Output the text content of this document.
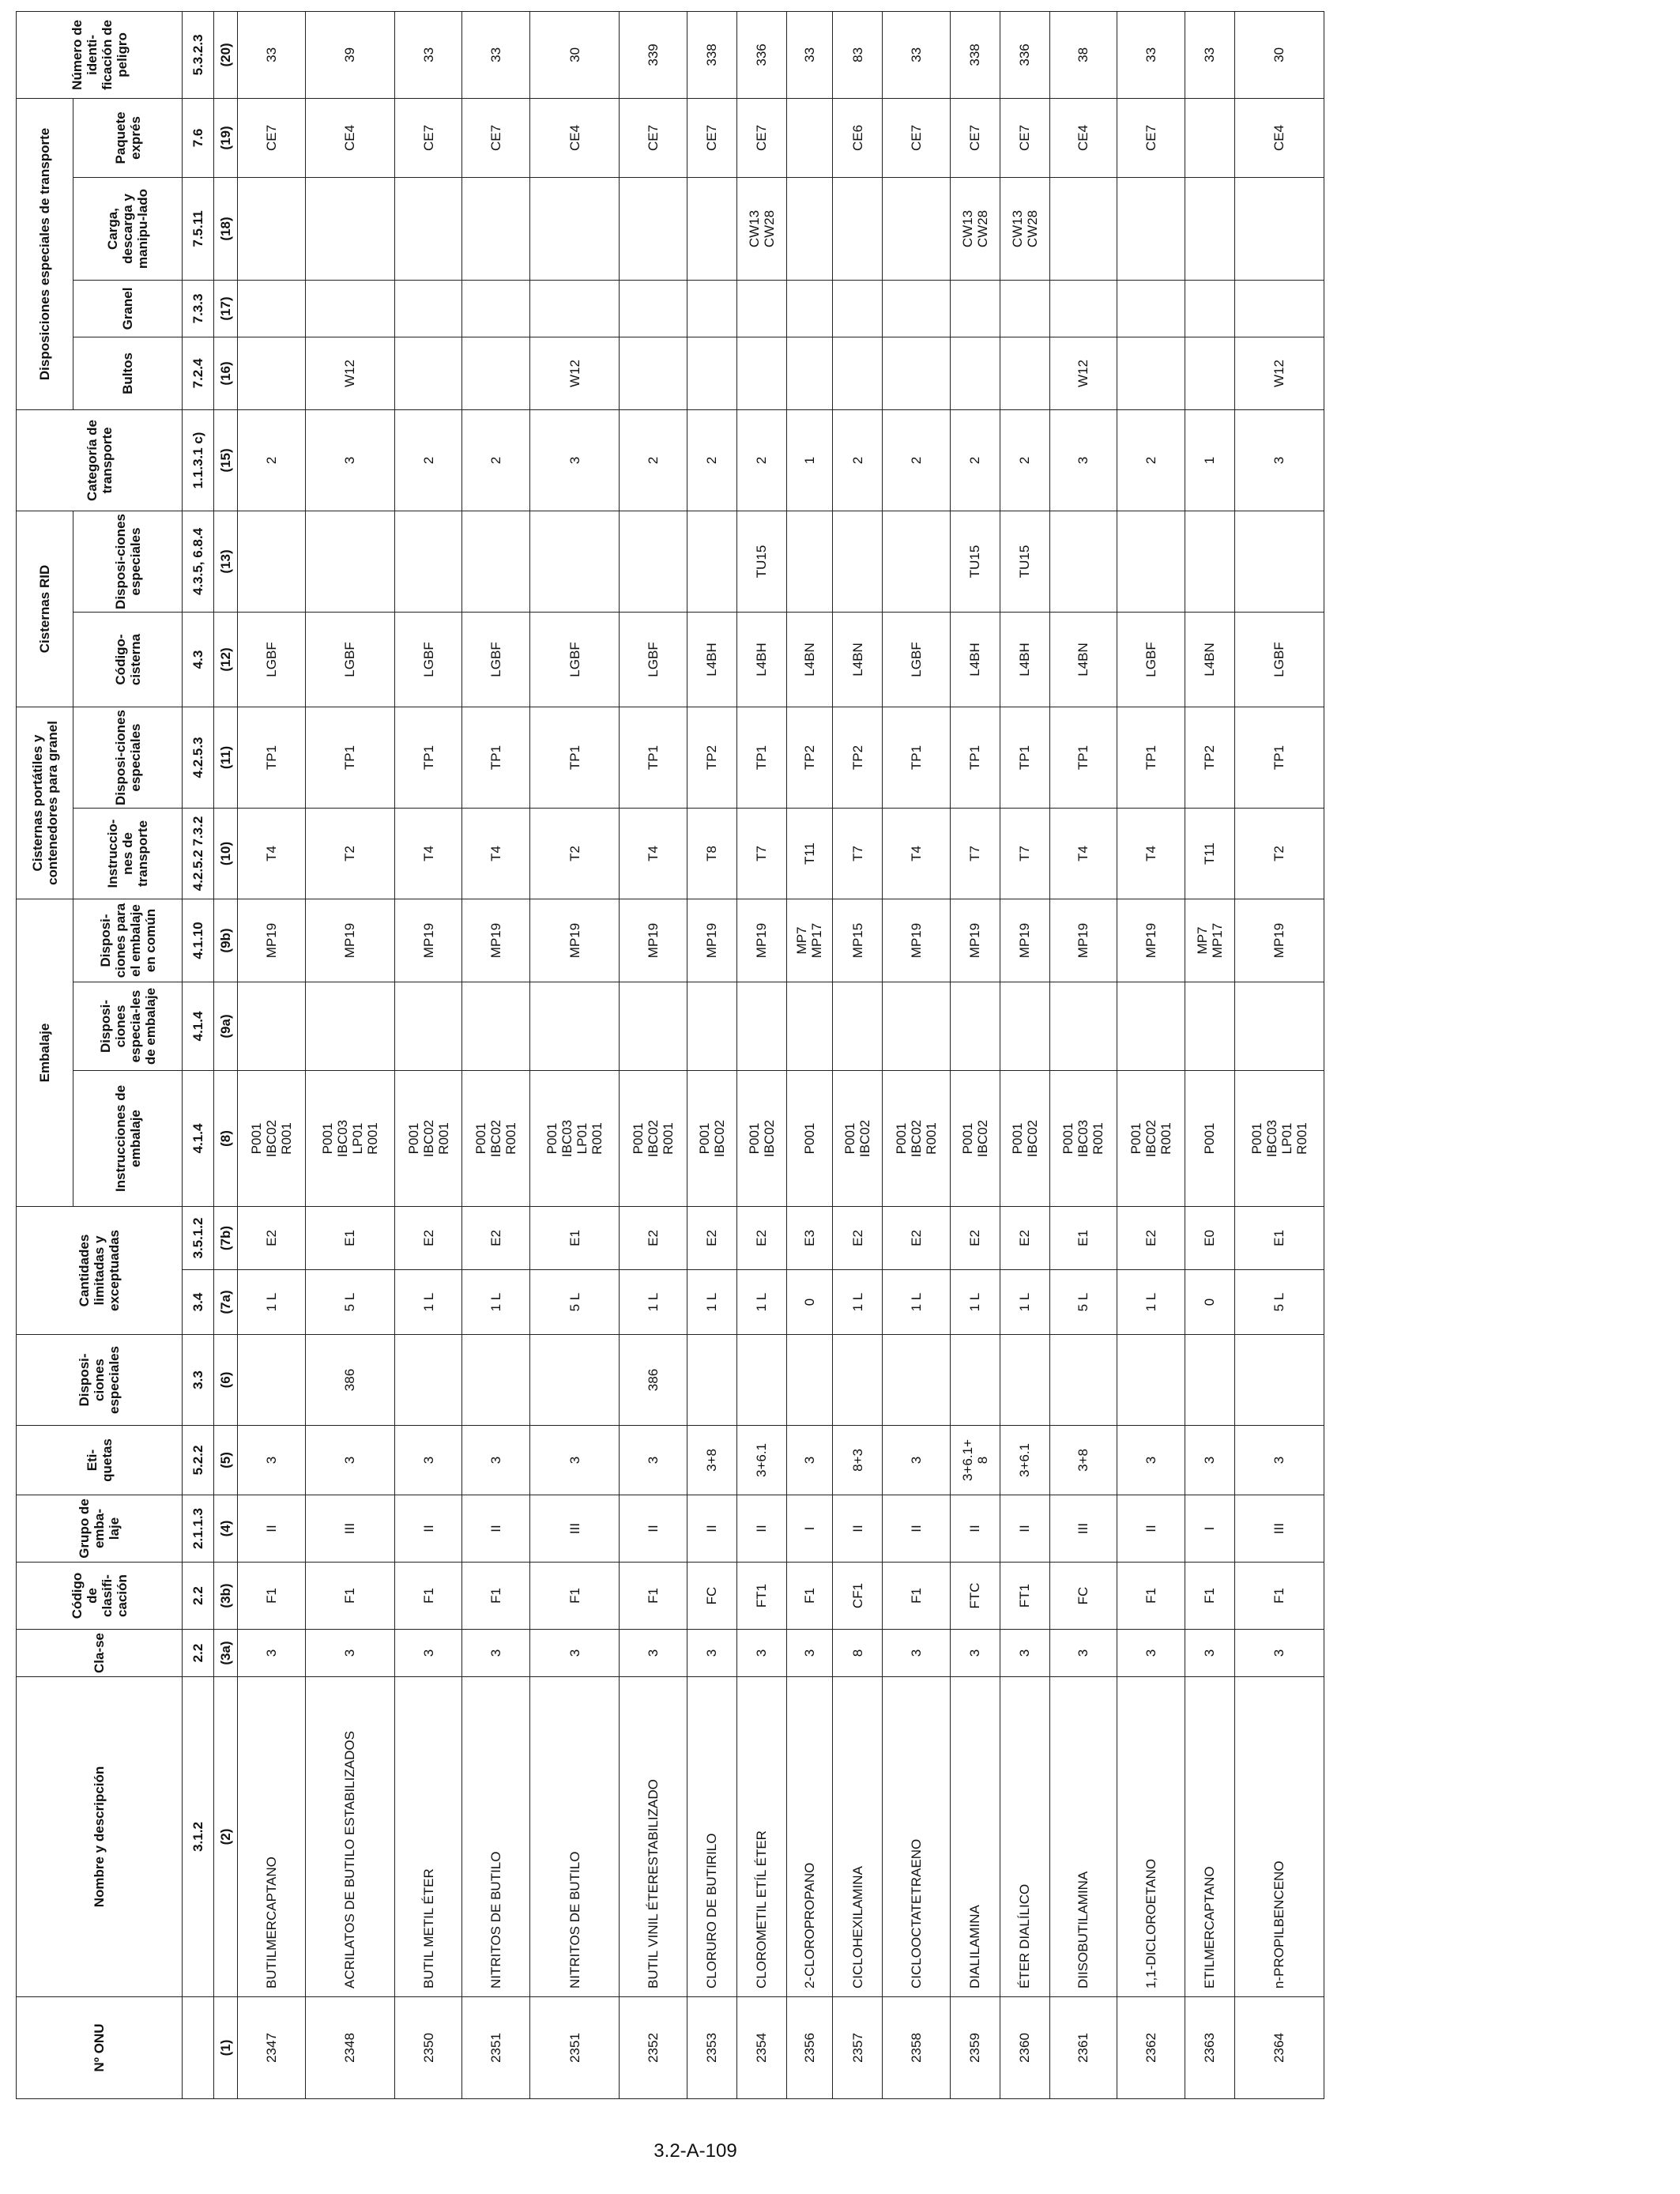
Nº ONU	Nombre y descripción	Cla-se	Código de clasifi-cación	Grupo de emba-laje	Eti-quetas	Disposi-ciones especiales	Cantidades limitadas y exceptuadas		Embalaje			Cisternas portátiles y contenedores para granel		Cisternas RID		Categoría de transporte	Disposiciones especiales de transporte				Número de identi-ficación de peligro
									Instrucciones de embalaje	Disposi-ciones especia-les de embalaje	Disposi-ciones para el embalaje en común	Instruccio-nes de transporte	Disposi-ciones especiales	Código-cisterna	Disposi-ciones especiales		Bultos	Granel	Carga, descarga y manipu-lado	Paquete exprés	
	3.1.2	2.2	2.2	2.1.1.3	5.2.2	3.3	3.4	3.5.1.2	4.1.4	4.1.4	4.1.10	4.2.5.2 7.3.2	4.2.5.3	4.3	4.3.5, 6.8.4	1.1.3.1 c)	7.2.4	7.3.3	7.5.11	7.6	5.3.2.3
(1)	(2)	(3a)	(3b)	(4)	(5)	(6)	(7a)	(7b)	(8)	(9a)	(9b)	(10)	(11)	(12)	(13)	(15)	(16)	(17)	(18)	(19)	(20)
2347	BUTILMERCAPTANO	3	F1	II	3		1 L	E2	P001 IBC02 R001		MP19	T4	TP1	LGBF		2				CE7	33
2348	ACRILATOS DE BUTILO ESTABILIZADOS	3	F1	III	3	386	5 L	E1	P001 IBC03 LP01 R001		MP19	T2	TP1	LGBF		3	W12			CE4	39
2350	BUTIL METIL ÉTER	3	F1	II	3		1 L	E2	P001 IBC02 R001		MP19	T4	TP1	LGBF		2				CE7	33
2351	NITRITOS DE BUTILO	3	F1	II	3		1 L	E2	P001 IBC02 R001		MP19	T4	TP1	LGBF		2				CE7	33
2351	NITRITOS DE BUTILO	3	F1	III	3		5 L	E1	P001 IBC03 LP01 R001		MP19	T2	TP1	LGBF		3	W12			CE4	30
2352	BUTIL VINIL ÉTERESTABILIZADO	3	F1	II	3	386	1 L	E2	P001 IBC02 R001		MP19	T4	TP1	LGBF		2				CE7	339
2353	CLORURO DE BUTIRILO	3	FC	II	3+8		1 L	E2	P001 IBC02		MP19	T8	TP2	L4BH		2				CE7	338
2354	CLOROMETIL ETÍL ÉTER	3	FT1	II	3+6.1		1 L	E2	P001 IBC02		MP19	T7	TP1	L4BH	TU15	2			CW13 CW28	CE7	336
2356	2-CLOROPROPANO	3	F1	I	3		0	E3	P001		MP7 MP17	T11	TP2	L4BN		1					33
2357	CICLOHEXILAMINA	8	CF1	II	8+3		1 L	E2	P001 IBC02		MP15	T7	TP2	L4BN		2				CE6	83
2358	CICLOOCTATETRAENO	3	F1	II	3		1 L	E2	P001 IBC02 R001		MP19	T4	TP1	LGBF		2				CE7	33
2359	DIALILAMINA	3	FTC	II	3+6.1+ 8		1 L	E2	P001 IBC02		MP19	T7	TP1	L4BH	TU15	2			CW13 CW28	CE7	338
2360	ÉTER DIALÍLICO	3	FT1	II	3+6.1		1 L	E2	P001 IBC02		MP19	T7	TP1	L4BH	TU15	2			CW13 CW28	CE7	336
2361	DIISOBUTILAMINA	3	FC	III	3+8		5 L	E1	P001 IBC03 R001		MP19	T4	TP1	L4BN		3	W12			CE4	38
2362	1,1-DICLOROETANO	3	F1	II	3		1 L	E2	P001 IBC02 R001		MP19	T4	TP1	LGBF		2				CE7	33
2363	ETILMERCAPTANO	3	F1	I	3		0	E0	P001		MP7 MP17	T11	TP2	L4BN		1					33
2364	n-PROPILBENCENO	3	F1	III	3		5 L	E1	P001 IBC03 LP01 R001		MP19	T2	TP1	LGBF		3	W12			CE4	30
3.2-A-109
